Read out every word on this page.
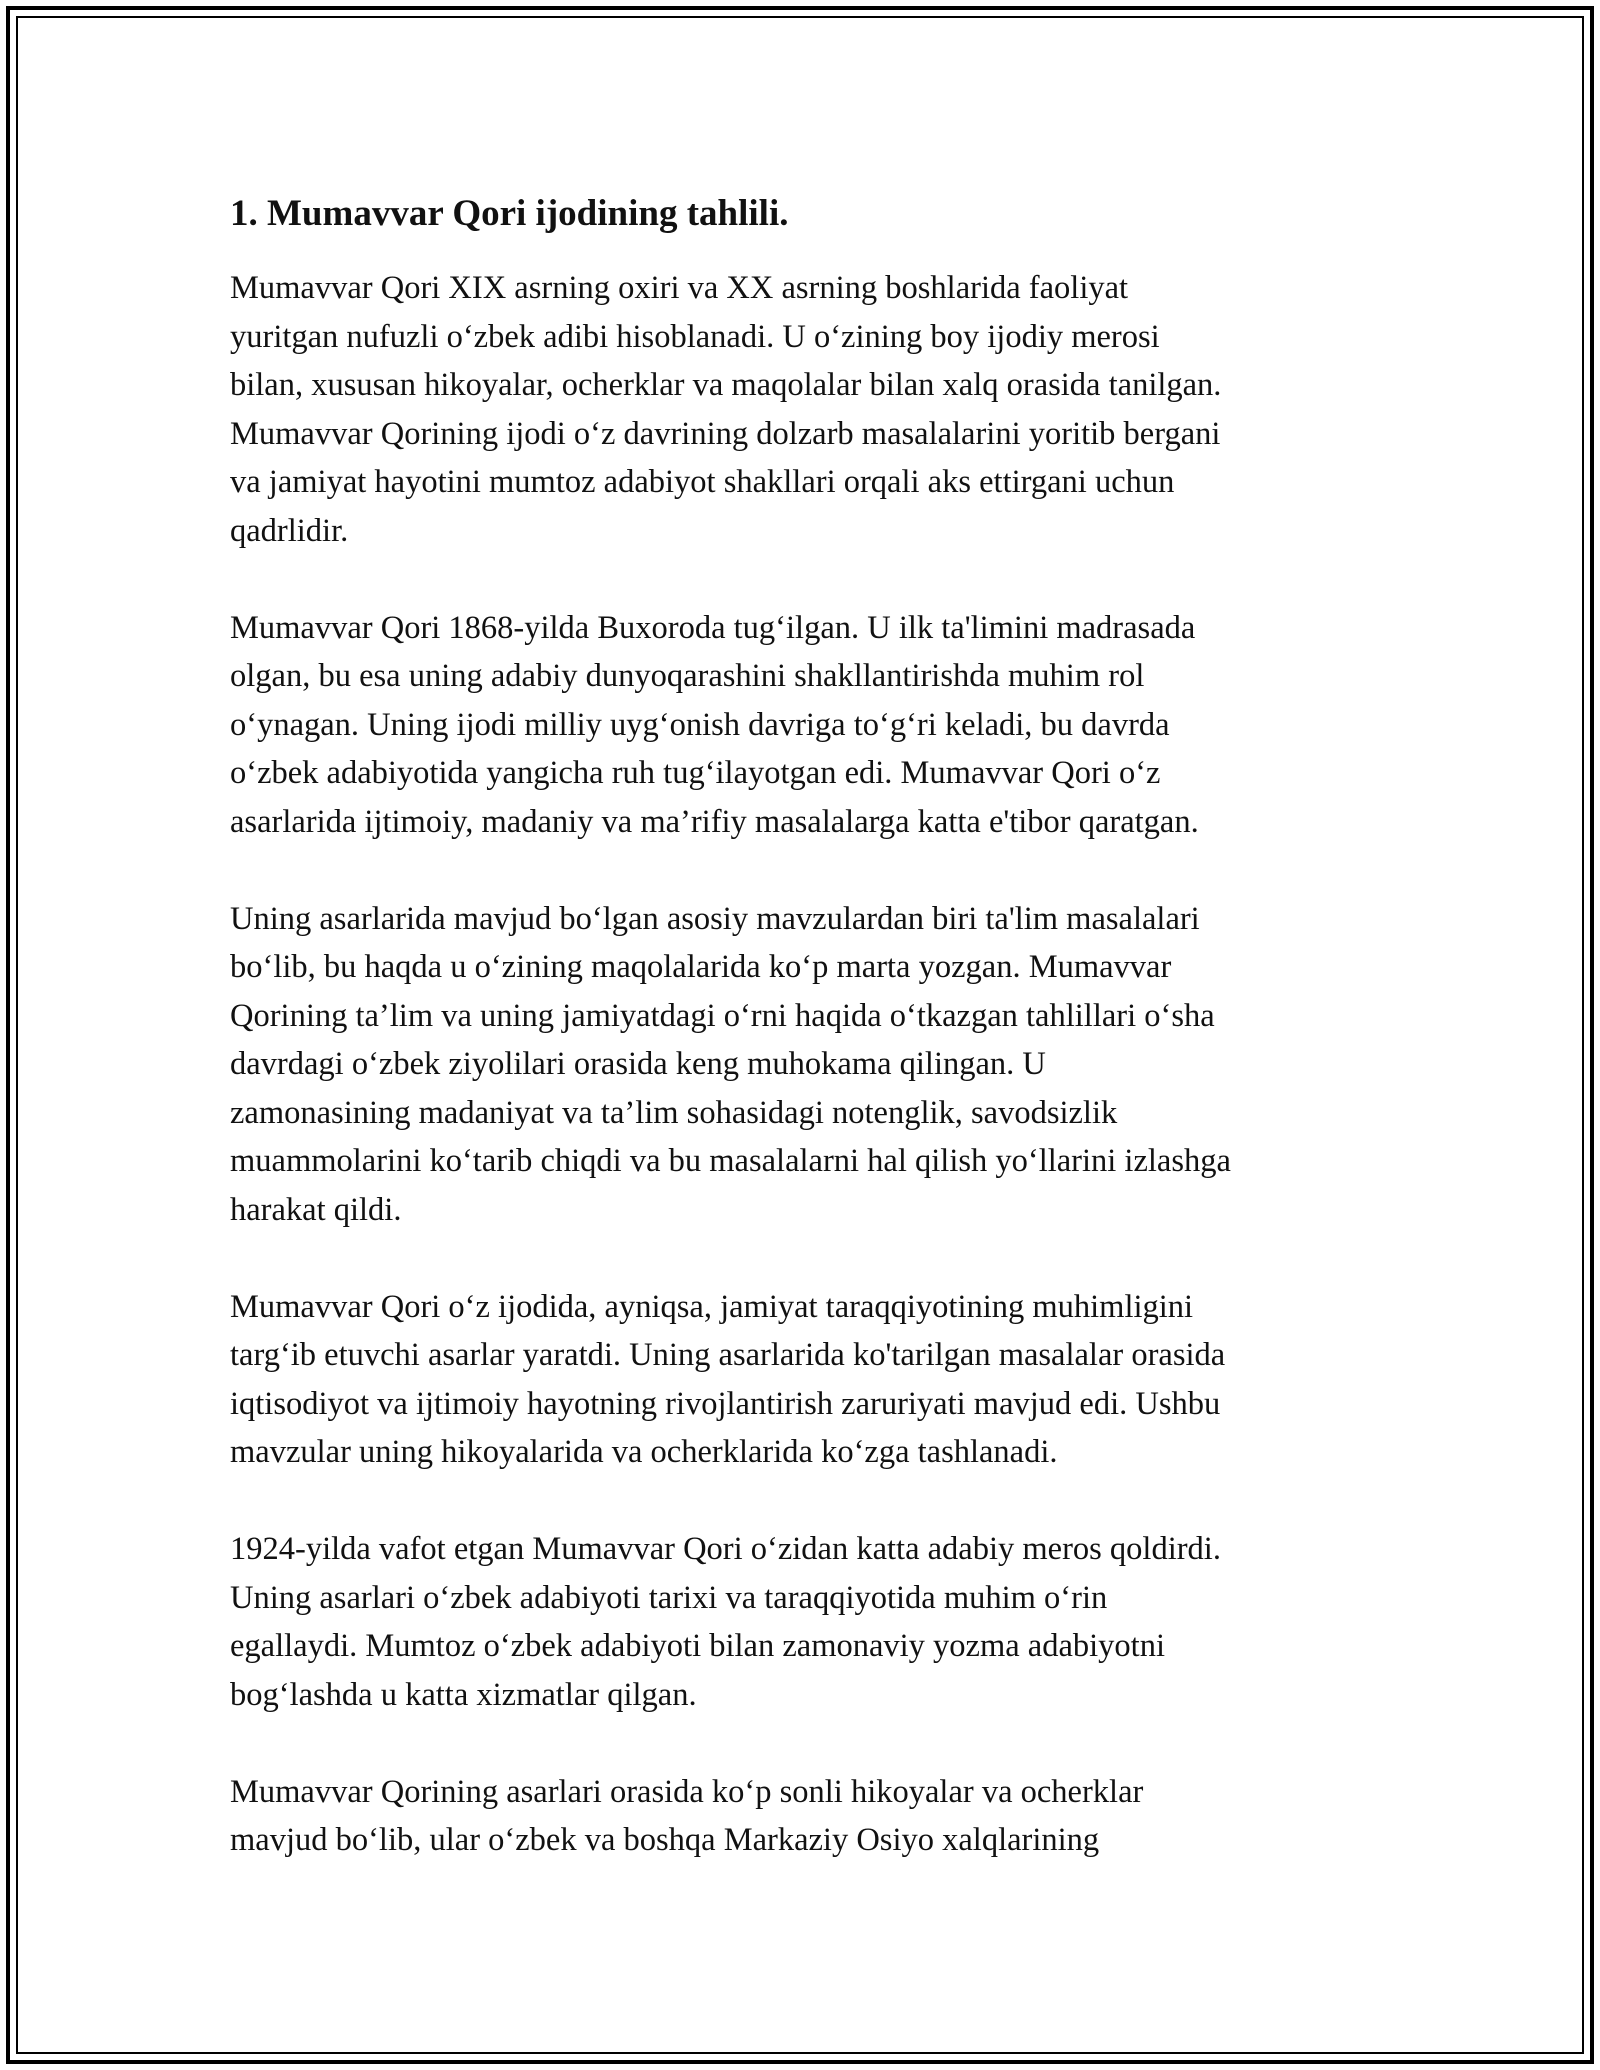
1. Mumavvar Qori ijodining tahlili.

Mumavvar Qori XIX asrning oxiri va XX asrning boshlarida faoliyat
yuritgan nufuzli o‘zbek adibi hisoblanadi. U o‘zining boy ijodiy merosi
bilan, xususan hikoyalar, ocherklar va maqolalar bilan xalq orasida tanilgan.
Mumavvar Qorining ijodi o‘z davrining dolzarb masalalarini yoritib bergani
va jamiyat hayotini mumtoz adabiyot shakllari orqali aks ettirgani uchun
qadrlidir.

Mumavvar Qori 1868-yilda Buxoroda tug‘ilgan. U ilk ta'limini madrasada
olgan, bu esa uning adabiy dunyoqarashini shakllantirishda muhim rol
o‘ynagan. Uning ijodi milliy uyg‘onish davriga to‘g‘ri keladi, bu davrda
o‘zbek adabiyotida yangicha ruh tug‘ilayotgan edi. Mumavvar Qori o‘z
asarlarida ijtimoiy, madaniy va ma’rifiy masalalarga katta e'tibor qaratgan.

Uning asarlarida mavjud bo‘lgan asosiy mavzulardan biri ta'lim masalalari
bo‘lib, bu haqda u o‘zining maqolalarida ko‘p marta yozgan. Mumavvar
Qorining ta’lim va uning jamiyatdagi o‘rni haqida o‘tkazgan tahlillari o‘sha
davrdagi o‘zbek ziyolilari orasida keng muhokama qilingan. U
zamonasining madaniyat va ta’lim sohasidagi notenglik, savodsizlik
muammolarini ko‘tarib chiqdi va bu masalalarni hal qilish yo‘llarini izlashga
harakat qildi.

Mumavvar Qori o‘z ijodida, ayniqsa, jamiyat taraqqiyotining muhimligini
targ‘ib etuvchi asarlar yaratdi. Uning asarlarida ko'tarilgan masalalar orasida
iqtisodiyot va ijtimoiy hayotning rivojlantirish zaruriyati mavjud edi. Ushbu
mavzular uning hikoyalarida va ocherklarida ko‘zga tashlanadi.

1924-yilda vafot etgan Mumavvar Qori o‘zidan katta adabiy meros qoldirdi.
Uning asarlari o‘zbek adabiyoti tarixi va taraqqiyotida muhim o‘rin
egallaydi. Mumtoz o‘zbek adabiyoti bilan zamonaviy yozma adabiyotni
bog‘lashda u katta xizmatlar qilgan.

Mumavvar Qorining asarlari orasida ko‘p sonli hikoyalar va ocherklar
mavjud bo‘lib, ular o‘zbek va boshqa Markaziy Osiyo xalqlarining
